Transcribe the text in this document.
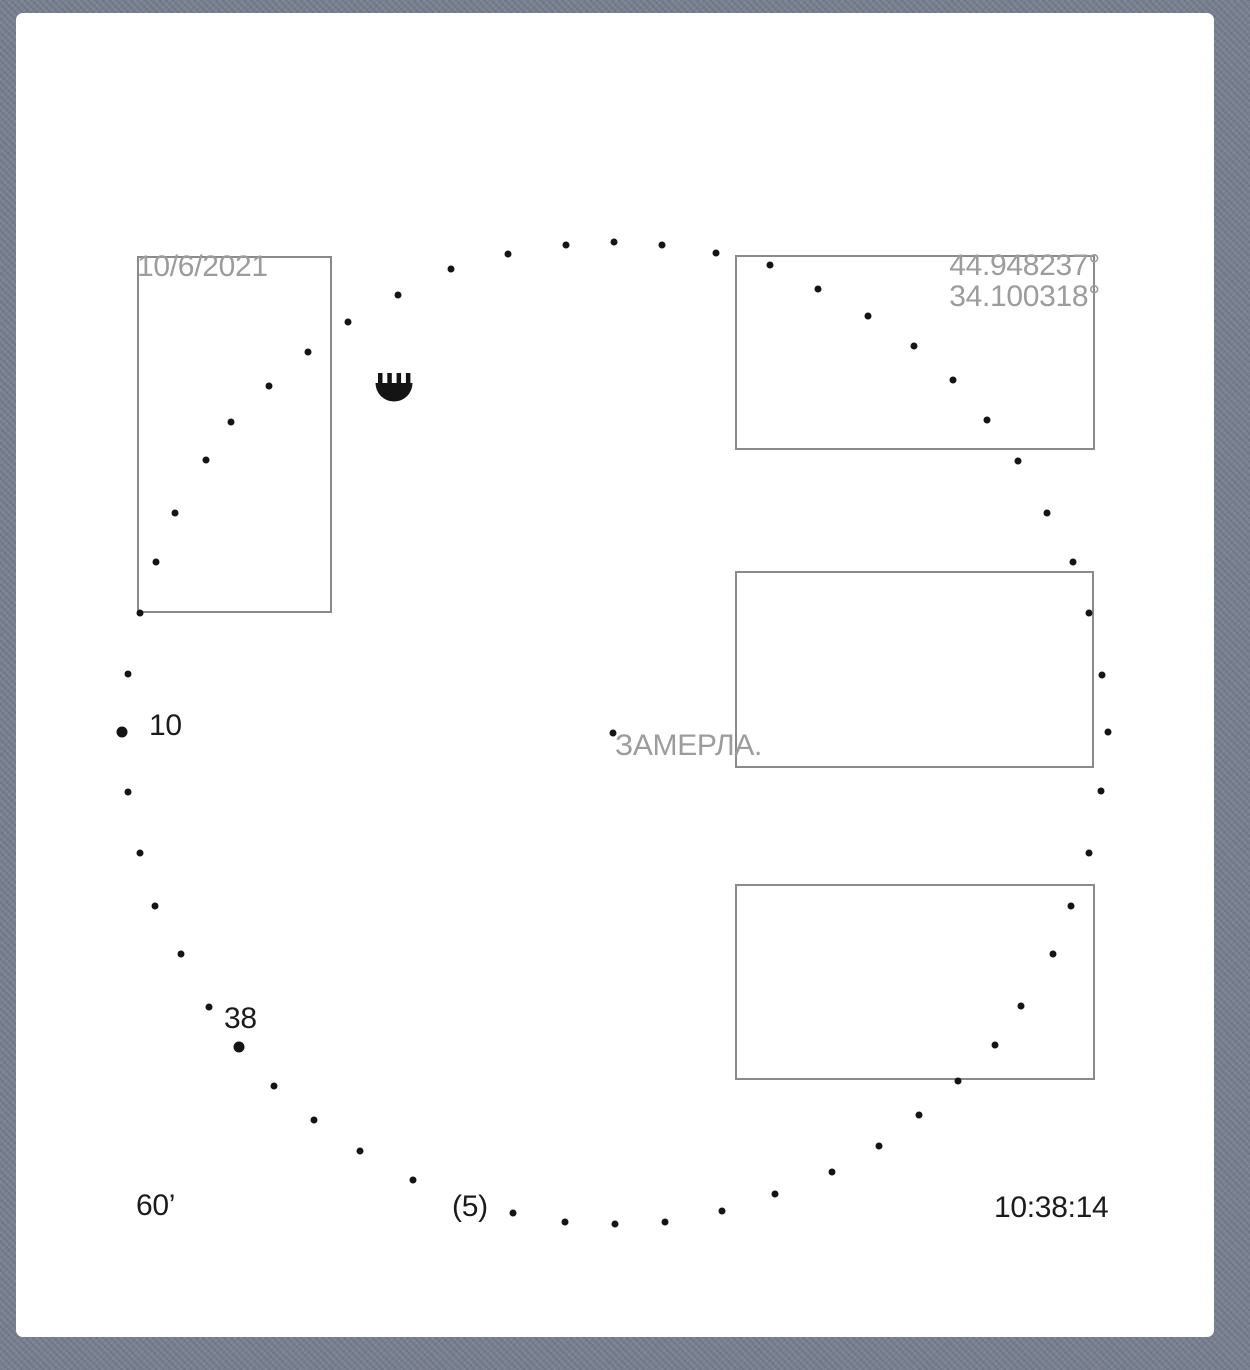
10/6/2021	44.948237°
34.100318°
ЗАМЕРЛА.
10
38
60’	(5)	10:38:14
